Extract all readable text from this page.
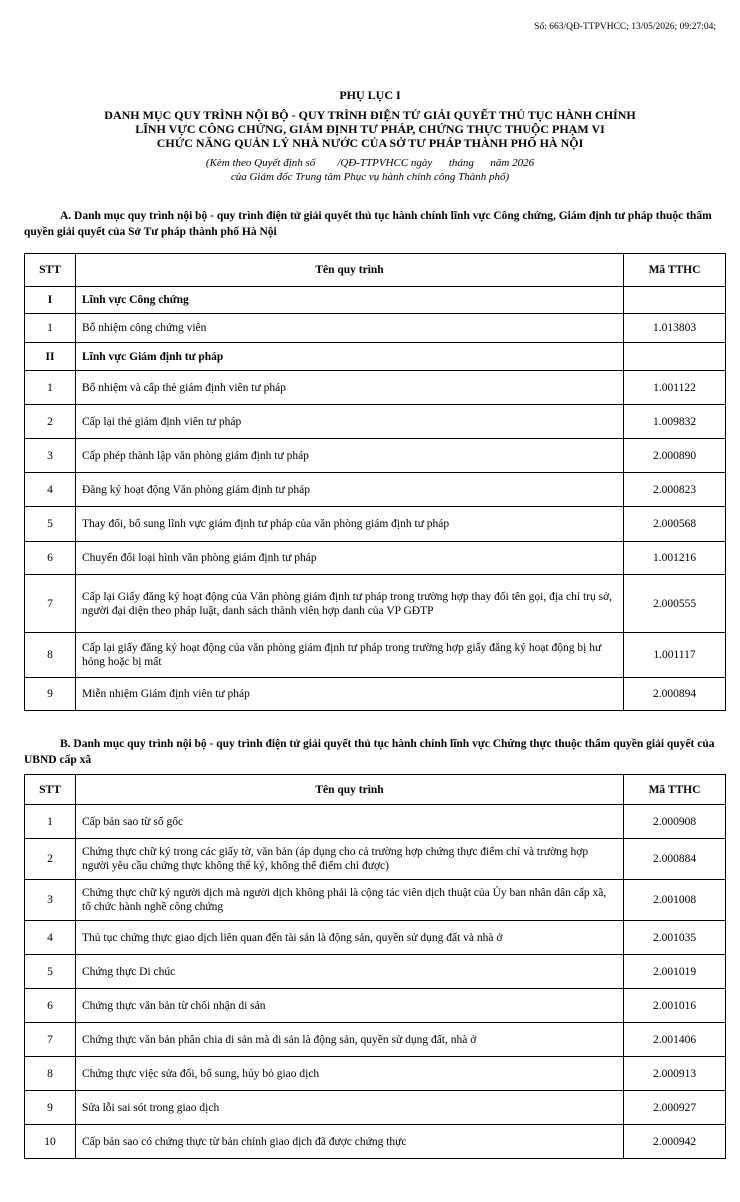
Số: 663/QĐ-TTPVHCC; 13/05/2026; 09:27:04;
PHỤ LỤC I
DANH MỤC QUY TRÌNH NỘI BỘ - QUY TRÌNH ĐIỆN TỬ GIẢI QUYẾT THỦ TỤC HÀNH CHÍNH
LĨNH VỰC CÔNG CHỨNG, GIÁM ĐỊNH TƯ PHÁP, CHỨNG THỰC THUỘC PHẠM VI
CHỨC NĂNG QUẢN LÝ NHÀ NƯỚC CỦA SỞ TƯ PHÁP THÀNH PHỐ HÀ NỘI
(Kèm theo Quyết định số        /QĐ-TTPVHCC ngày      tháng      năm 2026
của Giám đốc Trung tâm Phục vụ hành chính công Thành phố)
A. Danh mục quy trình nội bộ - quy trình điện tử giải quyết thủ tục hành chính lĩnh vực Công chứng, Giám định tư pháp thuộc thẩm quyền giải quyết của Sở Tư pháp thành phố Hà Nội
STT	Tên quy trình	Mã TTHC
I	Lĩnh vực Công chứng	
1	Bổ nhiệm công chứng viên	1.013803
II	Lĩnh vực Giám định tư pháp	
1	Bổ nhiệm và cấp thẻ giám định viên tư pháp	1.001122
2	Cấp lại thẻ giám định viên tư pháp	1.009832
3	Cấp phép thành lập văn phòng giám định tư pháp	2.000890
4	Đăng ký hoạt động Văn phòng giám định tư pháp	2.000823
5	Thay đổi, bổ sung lĩnh vực giám định tư pháp của văn phòng giám định tư pháp	2.000568
6	Chuyển đổi loại hình văn phòng giám định tư pháp	1.001216
7	Cấp lại Giấy đăng ký hoạt động của Văn phòng giám định tư pháp trong trường hợp thay đổi tên gọi, địa chỉ trụ sở, người đại diện theo pháp luật, danh sách thành viên hợp danh của VP GĐTP	2.000555
8	Cấp lại giấy đăng ký hoạt động của văn phòng giám định tư pháp trong trường hợp giấy đăng ký hoạt động bị hư hỏng hoặc bị mất	1.001117
9	Miễn nhiệm Giám định viên tư pháp	2.000894
B. Danh mục quy trình nội bộ - quy trình điện tử giải quyết thủ tục hành chính lĩnh vực Chứng thực thuộc thẩm quyền giải quyết của UBND cấp xã
STT	Tên quy trình	Mã TTHC
1	Cấp bản sao từ sổ gốc	2.000908
2	Chứng thực chữ ký trong các giấy tờ, văn bản (áp dụng cho cả trường hợp chứng thực điểm chỉ và trường hợp người yêu cầu chứng thực không thể ký, không thể điểm chỉ được)	2.000884
3	Chứng thực chữ ký người dịch mà người dịch không phải là cộng tác viên dịch thuật của Ủy ban nhân dân cấp xã, tổ chức hành nghề công chứng	2.001008
4	Thủ tục chứng thực giao dịch liên quan đến tài sản là động sản, quyền sử dụng đất và nhà ở	2.001035
5	Chứng thực Di chúc	2.001019
6	Chứng thực văn bản từ chối nhận di sản	2.001016
7	Chứng thực văn bản phân chia di sản mà di sản là động sản, quyền sử dụng đất, nhà ở	2.001406
8	Chứng thực việc sửa đổi, bổ sung, hủy bỏ giao dịch	2.000913
9	Sửa lỗi sai sót trong giao dịch	2.000927
10	Cấp bản sao có chứng thực từ bản chính giao dịch đã được chứng thực	2.000942
